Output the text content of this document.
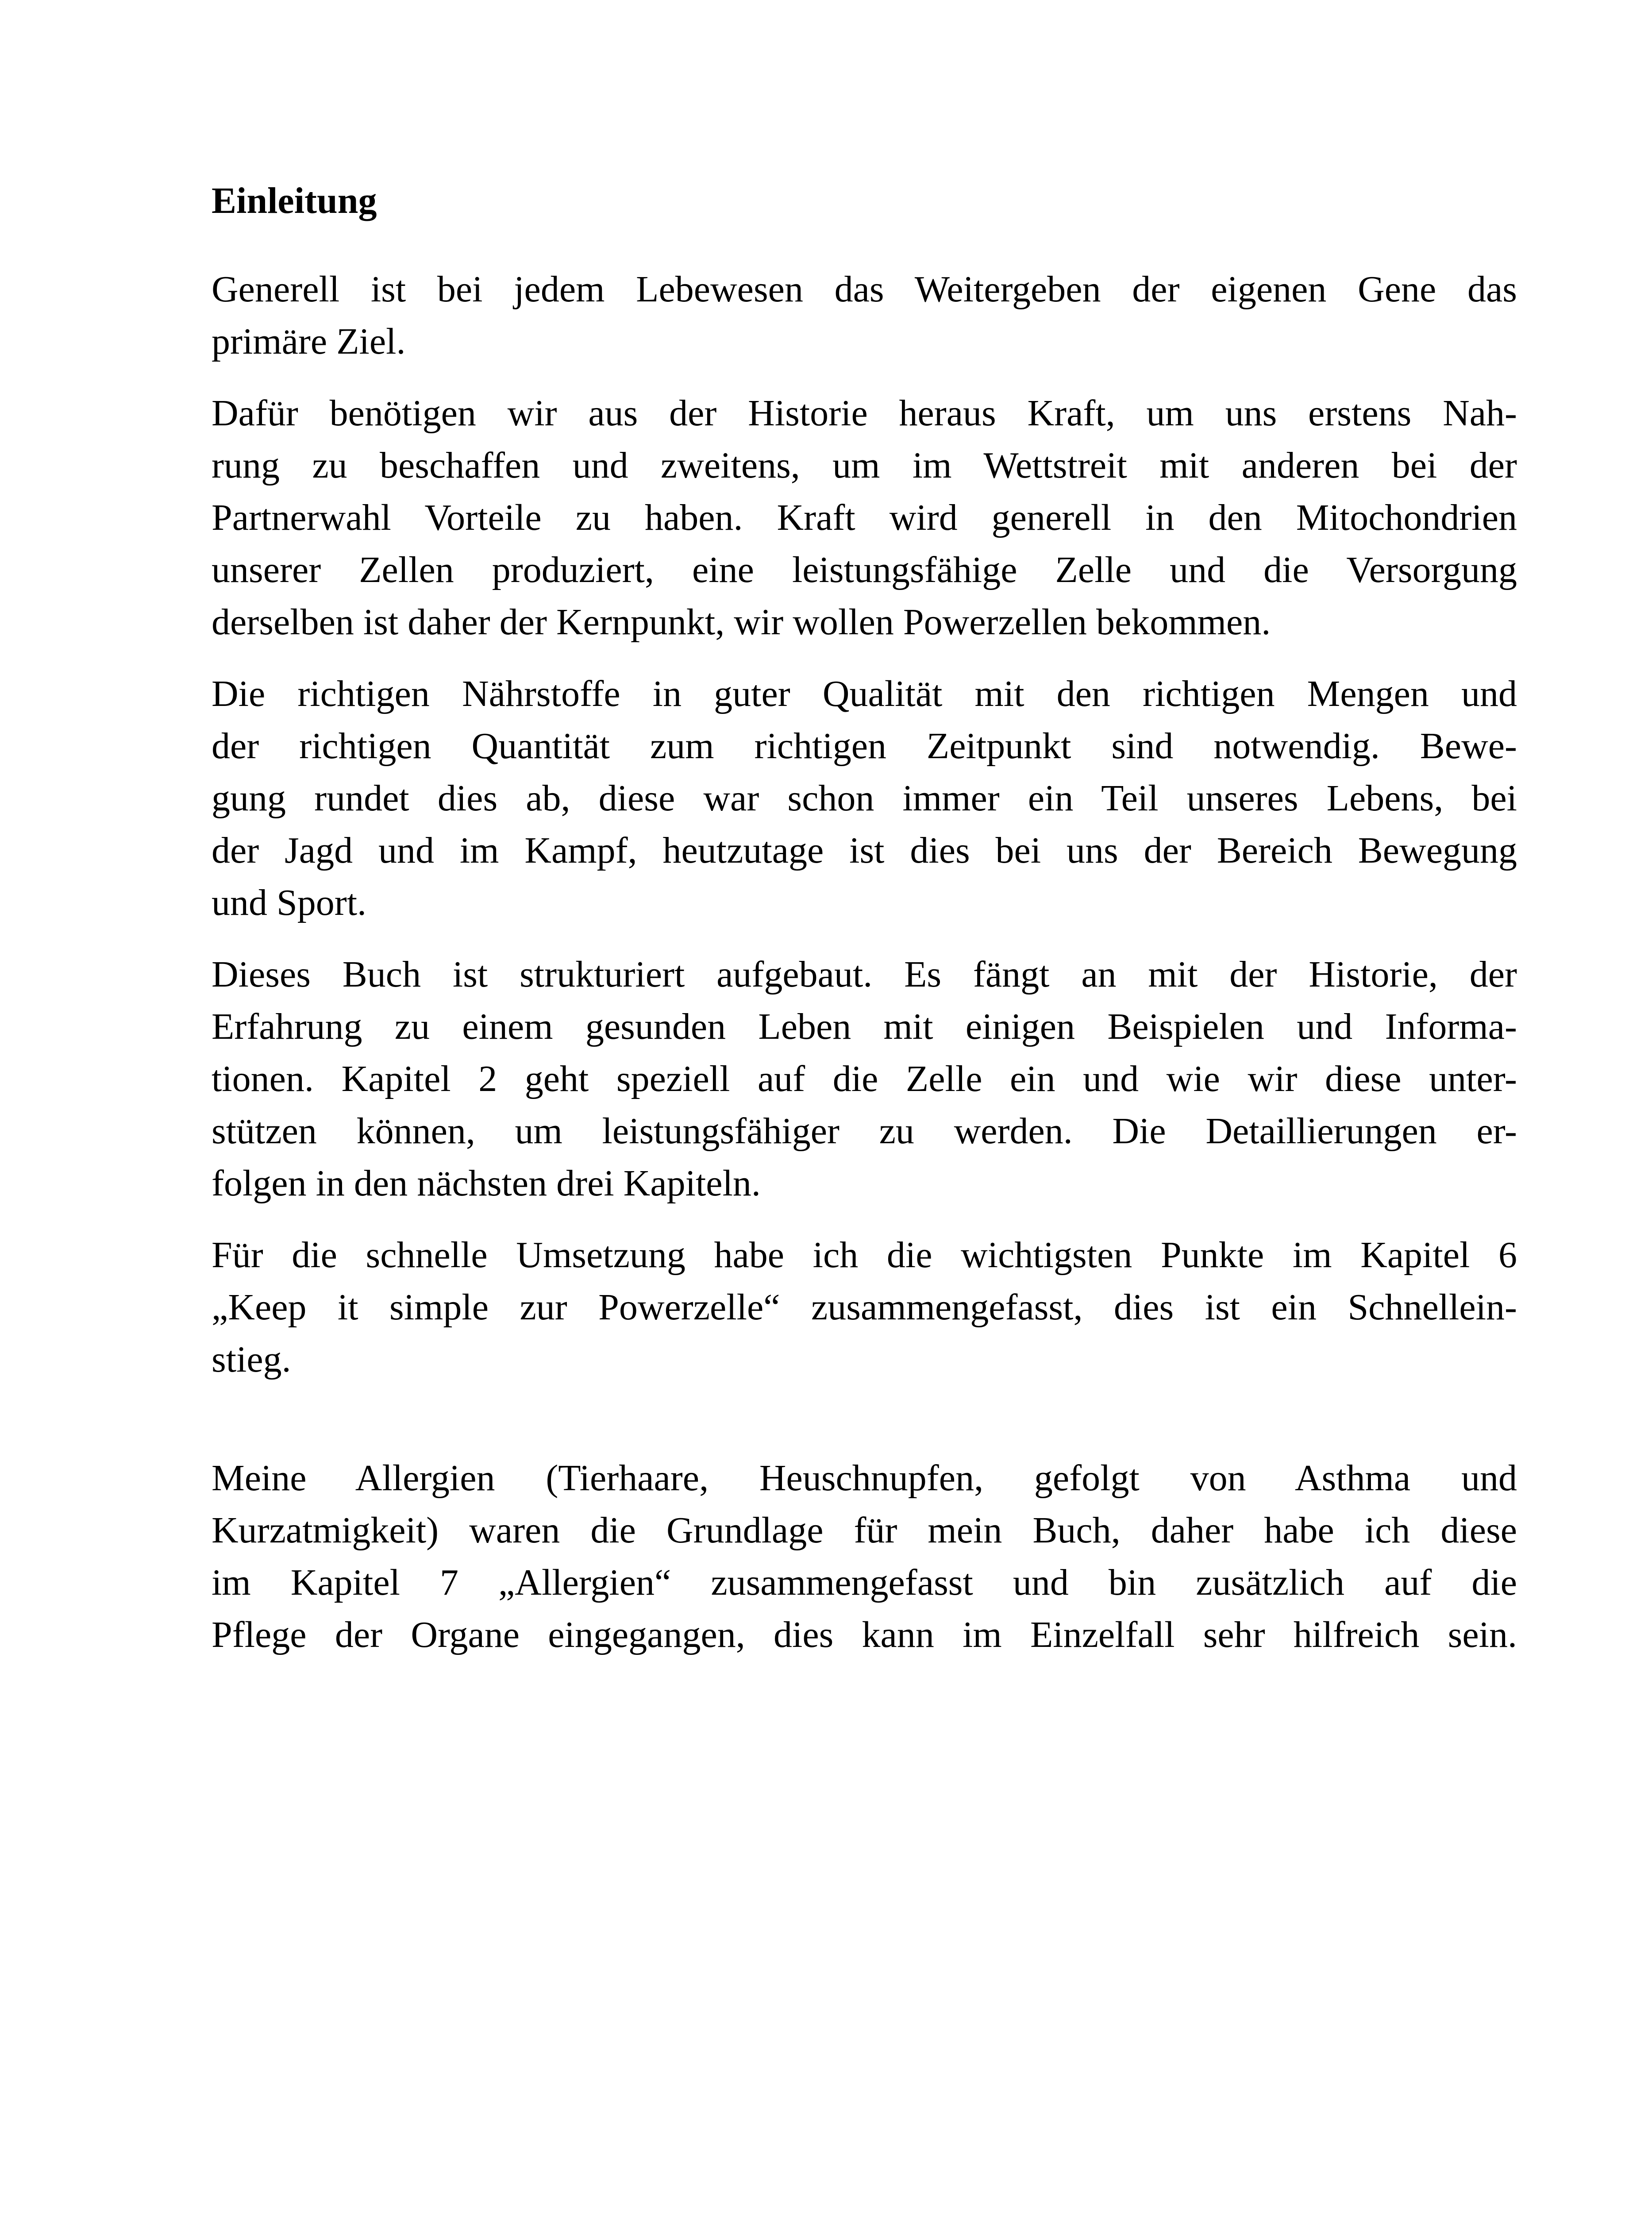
Einleitung
Generell ist bei jedem Lebewesen das Weitergeben der eigenen Gene das
primäre Ziel.
Dafür benötigen wir aus der Historie heraus Kraft, um uns erstens Nah-
rung zu beschaffen und zweitens, um im Wettstreit mit anderen bei der
Partnerwahl Vorteile zu haben. Kraft wird generell in den Mitochondrien
unserer Zellen produziert, eine leistungsfähige Zelle und die Versorgung
derselben ist daher der Kernpunkt, wir wollen Powerzellen bekommen.
Die richtigen Nährstoffe in guter Qualität mit den richtigen Mengen und
der richtigen Quantität zum richtigen Zeitpunkt sind notwendig. Bewe-
gung rundet dies ab, diese war schon immer ein Teil unseres Lebens, bei
der Jagd und im Kampf, heutzutage ist dies bei uns der Bereich Bewegung
und Sport.
Dieses Buch ist strukturiert aufgebaut. Es fängt an mit der Historie, der
Erfahrung zu einem gesunden Leben mit einigen Beispielen und Informa-
tionen. Kapitel 2 geht speziell auf die Zelle ein und wie wir diese unter-
stützen können, um leistungsfähiger zu werden. Die Detaillierungen er-
folgen in den nächsten drei Kapiteln.
Für die schnelle Umsetzung habe ich die wichtigsten Punkte im Kapitel 6
„Keep it simple zur Powerzelle“ zusammengefasst, dies ist ein Schnellein-
stieg.
Meine Allergien (Tierhaare, Heuschnupfen, gefolgt von Asthma und
Kurzatmigkeit) waren die Grundlage für mein Buch, daher habe ich diese
im Kapitel 7 „Allergien“ zusammengefasst und bin zusätzlich auf die
Pflege der Organe eingegangen, dies kann im Einzelfall sehr hilfreich sein.
